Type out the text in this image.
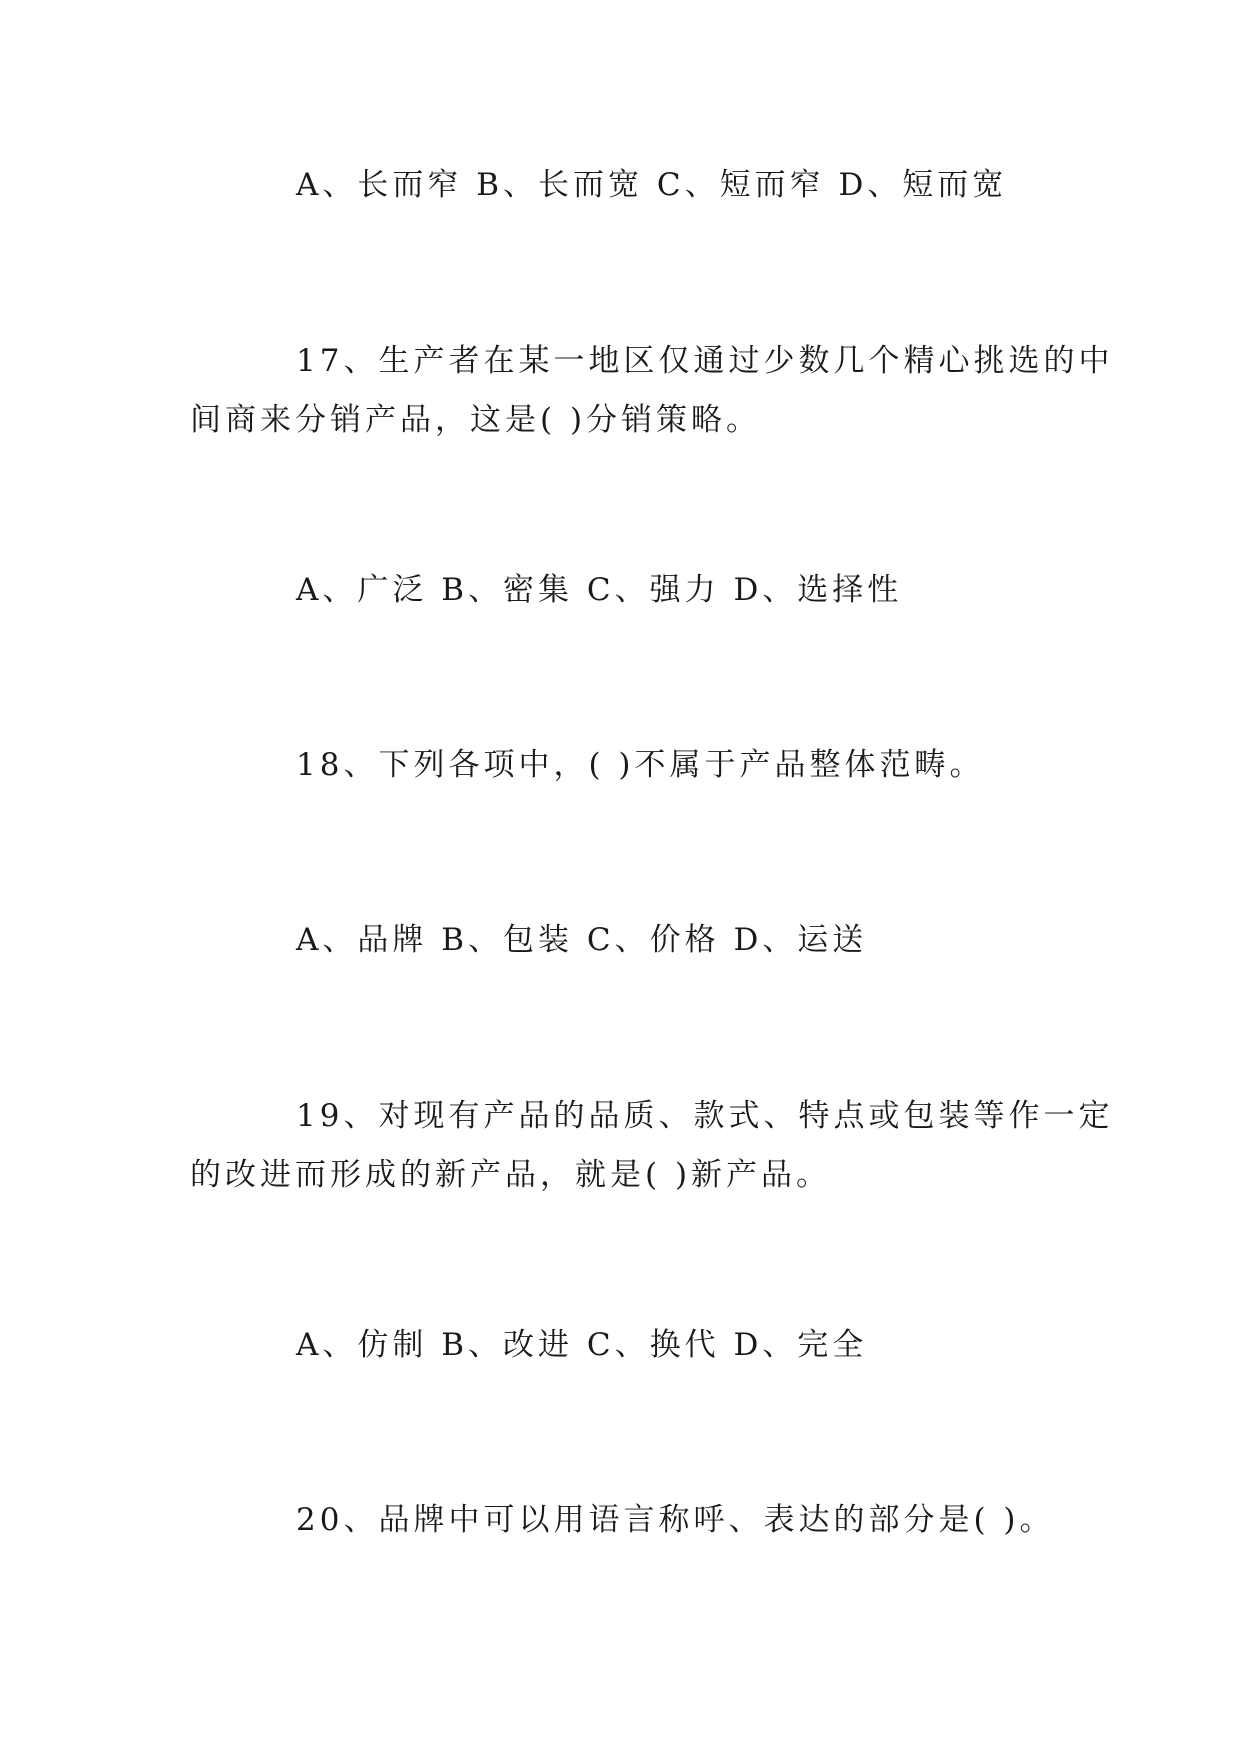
A、长而窄 B、长而宽 C、短而窄 D、短而宽
17、生产者在某一地区仅通过少数几个精心挑选的中
间商来分销产品，这是( )分销策略。
A、广泛 B、密集 C、强力 D、选择性
18、下列各项中，( )不属于产品整体范畴。
A、品牌 B、包装 C、价格 D、运送
19、对现有产品的品质、款式、特点或包装等作一定
的改进而形成的新产品，就是( )新产品。
A、仿制 B、改进 C、换代 D、完全
20、品牌中可以用语言称呼、表达的部分是( )。
